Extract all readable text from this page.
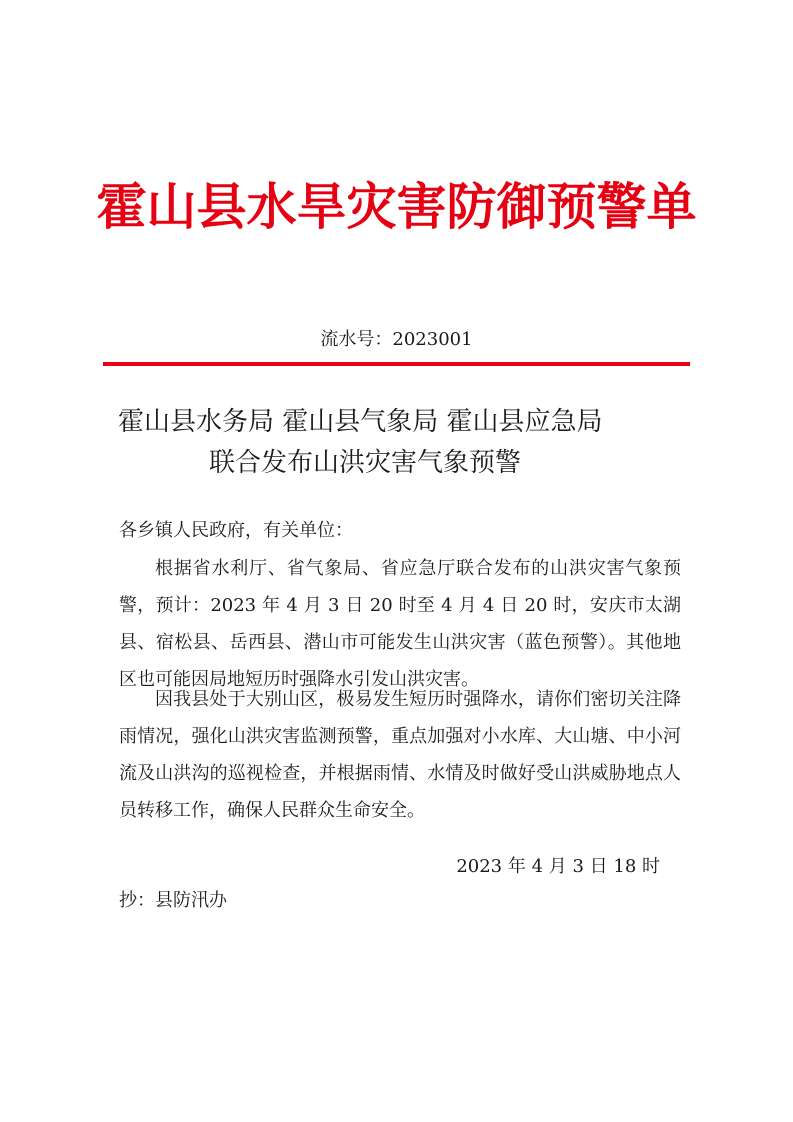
霍山县水旱灾害防御预警单
流水号：2023001
霍山县水务局 霍山县气象局 霍山县应急局
联合发布山洪灾害气象预警
各乡镇人民政府，有关单位：
根据省水利厅、省气象局、省应急厅联合发布的山洪灾害气象预警，预计：2023 年 4 月 3 日 20 时至 4 月 4 日 20 时，安庆市太湖县、宿松县、岳西县、潜山市可能发生山洪灾害（蓝色预警）。其他地区也可能因局地短历时强降水引发山洪灾害。
因我县处于大别山区，极易发生短历时强降水，请你们密切关注降雨情况，强化山洪灾害监测预警，重点加强对小水库、大山塘、中小河流及山洪沟的巡视检查，并根据雨情、水情及时做好受山洪威胁地点人员转移工作，确保人民群众生命安全。
2023 年 4 月 3 日 18 时
抄：县防汛办
